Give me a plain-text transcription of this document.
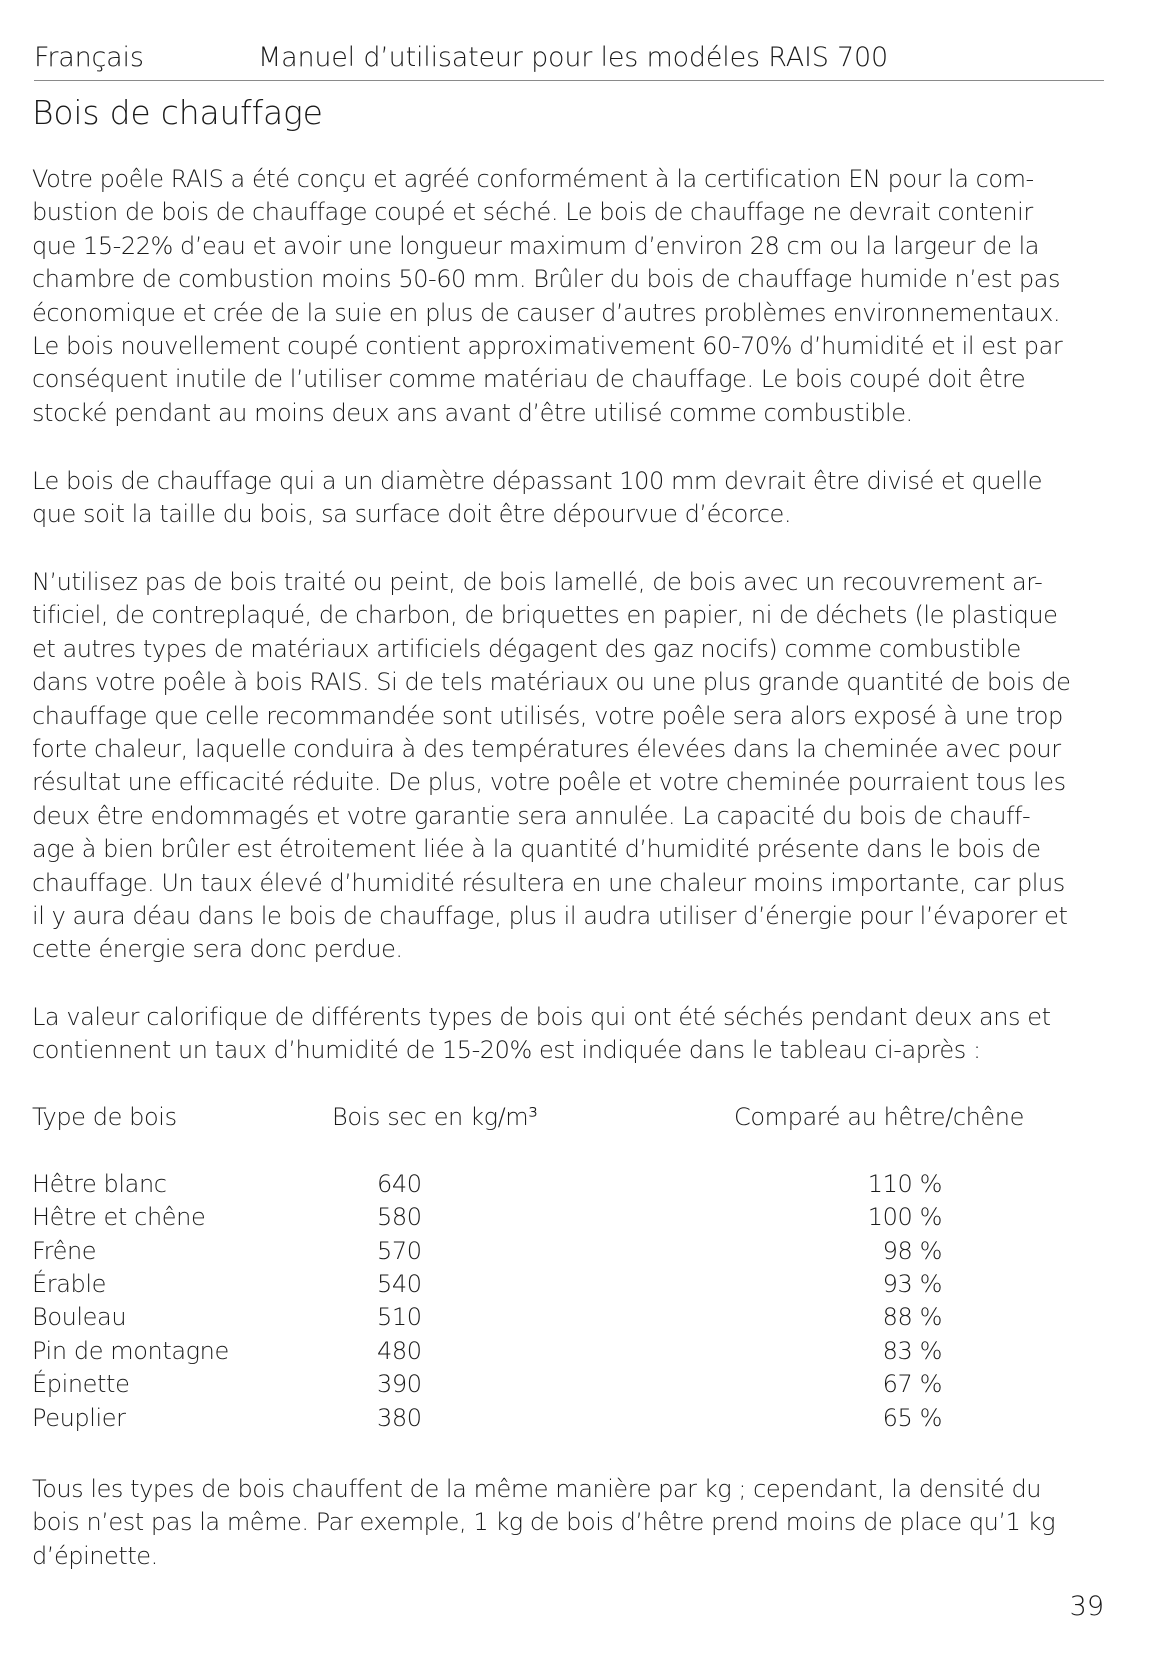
Français	Manuel d’utilisateur pour les modéles RAIS 700
Bois de chauffage

Votre poêle RAIS a été conçu et agréé conformément à la certification EN pour la com-
bustion de bois de chauffage coupé et séché. Le bois de chauffage ne devrait contenir
que 15-22% d’eau et avoir une longueur maximum d’environ 28 cm ou la largeur de la
chambre de combustion moins 50-60 mm. Brûler du bois de chauffage humide n’est pas
économique et crée de la suie en plus de causer d’autres problèmes environnementaux.
Le bois nouvellement coupé contient approximativement 60-70% d’humidité et il est par
conséquent inutile de l’utiliser comme matériau de chauffage. Le bois coupé doit être
stocké pendant au moins deux ans avant d’être utilisé comme combustible.

Le bois de chauffage qui a un diamètre dépassant 100 mm devrait être divisé et quelle
que soit la taille du bois, sa surface doit être dépourvue d’écorce.

N’utilisez pas de bois traité ou peint, de bois lamellé, de bois avec un recouvrement ar-
tificiel, de contreplaqué, de charbon, de briquettes en papier, ni de déchets (le plastique
et autres types de matériaux artificiels dégagent des gaz nocifs) comme combustible
dans votre poêle à bois RAIS. Si de tels matériaux ou une plus grande quantité de bois de
chauffage que celle recommandée sont utilisés, votre poêle sera alors exposé à une trop
forte chaleur, laquelle conduira à des températures élevées dans la cheminée avec pour
résultat une efficacité réduite. De plus, votre poêle et votre cheminée pourraient tous les
deux être endommagés et votre garantie sera annulée. La capacité du bois de chauff-
age à bien brûler est étroitement liée à la quantité d’humidité présente dans le bois de
chauffage. Un taux élevé d’humidité résultera en une chaleur moins importante, car plus
il y aura déau dans le bois de chauffage, plus il audra utiliser d’énergie pour l’évaporer et
cette énergie sera donc perdue.

La valeur calorifique de différents types de bois qui ont été séchés pendant deux ans et
contiennent un taux d’humidité de 15-20% est indiquée dans le tableau ci-après :

Type de bois	Bois sec en kg/m³	Comparé au hêtre/chêne
Hêtre blanc	640	110 %
Hêtre et chêne	580	100 %
Frêne	570	98 %
Érable	540	93 %
Bouleau	510	88 %
Pin de montagne	480	83 %
Épinette	390	67 %
Peuplier	380	65 %

Tous les types de bois chauffent de la même manière par kg ; cependant, la densité du
bois n’est pas la même. Par exemple, 1 kg de bois d’hêtre prend moins de place qu’1 kg
d’épinette.

39
